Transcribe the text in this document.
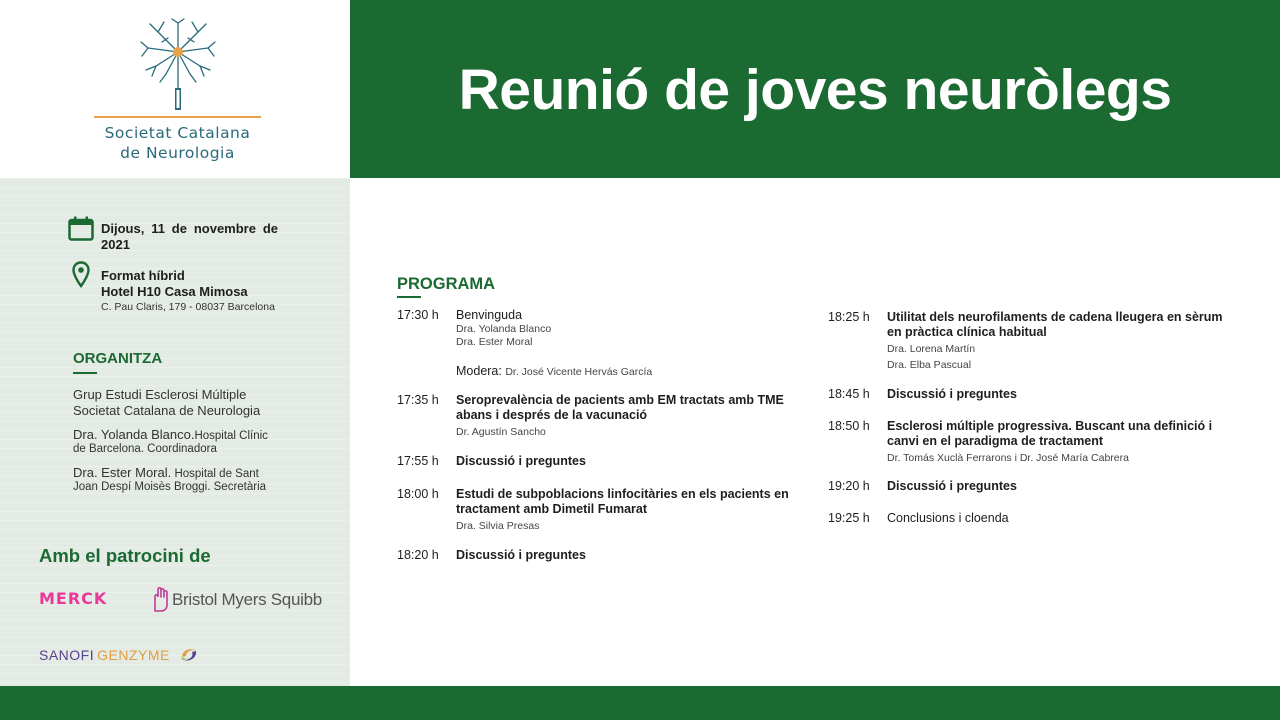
Societat Catalana
de Neurologia
Reunió de joves neuròlegs
Dijous, 11 de novembre de 2021
Format híbrid
Hotel H10 Casa Mimosa
C. Pau Claris, 179 - 08037 Barcelona
ORGANITZA
Grup Estudi Esclerosi Múltiple
Societat Catalana de Neurologia
Dra. Yolanda Blanco.Hospital Clínic
de Barcelona. Coordinadora
Dra. Ester Moral. Hospital de Sant
Joan Despí Moisès Broggi. Secretària
Amb el patrocini de
MERCK	Bristol Myers Squibb
SANOFI GENZYME
PROGRAMA
17:30 h Benvinguda
Dra. Yolanda Blanco
Dra. Ester Moral
Modera: Dr. José Vicente Hervás García
17:35 h Seroprevalència de pacients amb EM tractats amb TME abans i després de la vacunació
Dr. Agustín Sancho
17:55 h Discussió i preguntes
18:00 h Estudi de subpoblacions linfocitàries en els pacients en tractament amb Dimetil Fumarat
Dra. Silvia Presas
18:20 h Discussió i preguntes
18:25 h Utilitat dels neurofilaments de cadena lleugera en sèrum en pràctica clínica habitual
Dra. Lorena Martín
Dra. Elba Pascual
18:45 h Discussió i preguntes
18:50 h Esclerosi múltiple progressiva. Buscant una definició i canvi en el paradigma de tractament
Dr. Tomás Xuclà Ferrarons i Dr. José María Cabrera
19:20 h Discussió i preguntes
19:25 h Conclusions i cloenda
